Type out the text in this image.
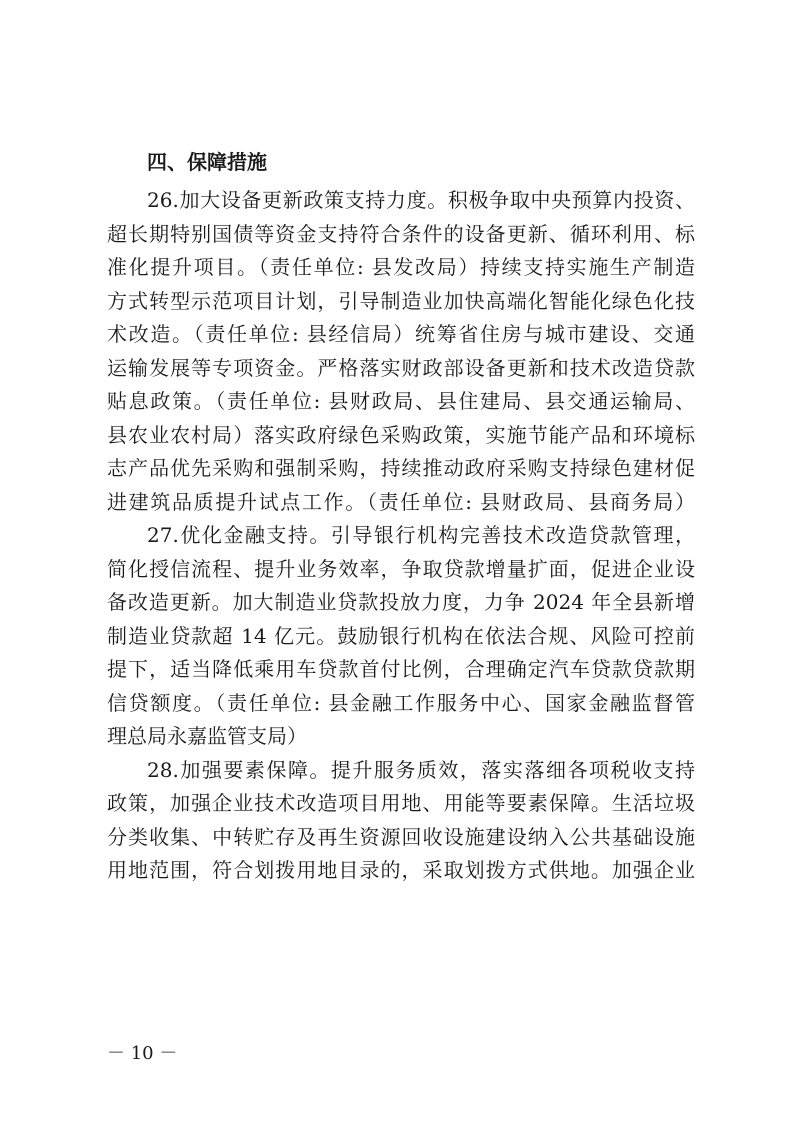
四、保障措施
26.加大设备更新政策支持力度。积极争取中央预算内投资、
超长期特别国债等资金支持符合条件的设备更新、循环利用、标
准化提升项目。（责任单位: 县发改局）持续支持实施生产制造
方式转型示范项目计划，引导制造业加快高端化智能化绿色化技
术改造。（责任单位: 县经信局）统筹省住房与城市建设、交通
运输发展等专项资金。严格落实财政部设备更新和技术改造贷款
贴息政策。（责任单位: 县财政局、县住建局、县交通运输局、
县农业农村局）落实政府绿色采购政策，实施节能产品和环境标
志产品优先采购和强制采购，持续推动政府采购支持绿色建材促
进建筑品质提升试点工作。（责任单位: 县财政局、县商务局）
27.优化金融支持。引导银行机构完善技术改造贷款管理，
简化授信流程、提升业务效率，争取贷款增量扩面，促进企业设
备改造更新。加大制造业贷款投放力度，力争 2024 年全县新增
制造业贷款超 14 亿元。鼓励银行机构在依法合规、风险可控前
提下，适当降低乘用车贷款首付比例，合理确定汽车贷款贷款期
信贷额度。（责任单位: 县金融工作服务中心、国家金融监督管
理总局永嘉监管支局）
28.加强要素保障。提升服务质效，落实落细各项税收支持
政策，加强企业技术改造项目用地、用能等要素保障。生活垃圾
分类收集、中转贮存及再生资源回收设施建设纳入公共基础设施
用地范围，符合划拨用地目录的，采取划拨方式供地。加强企业
－ 10 －
